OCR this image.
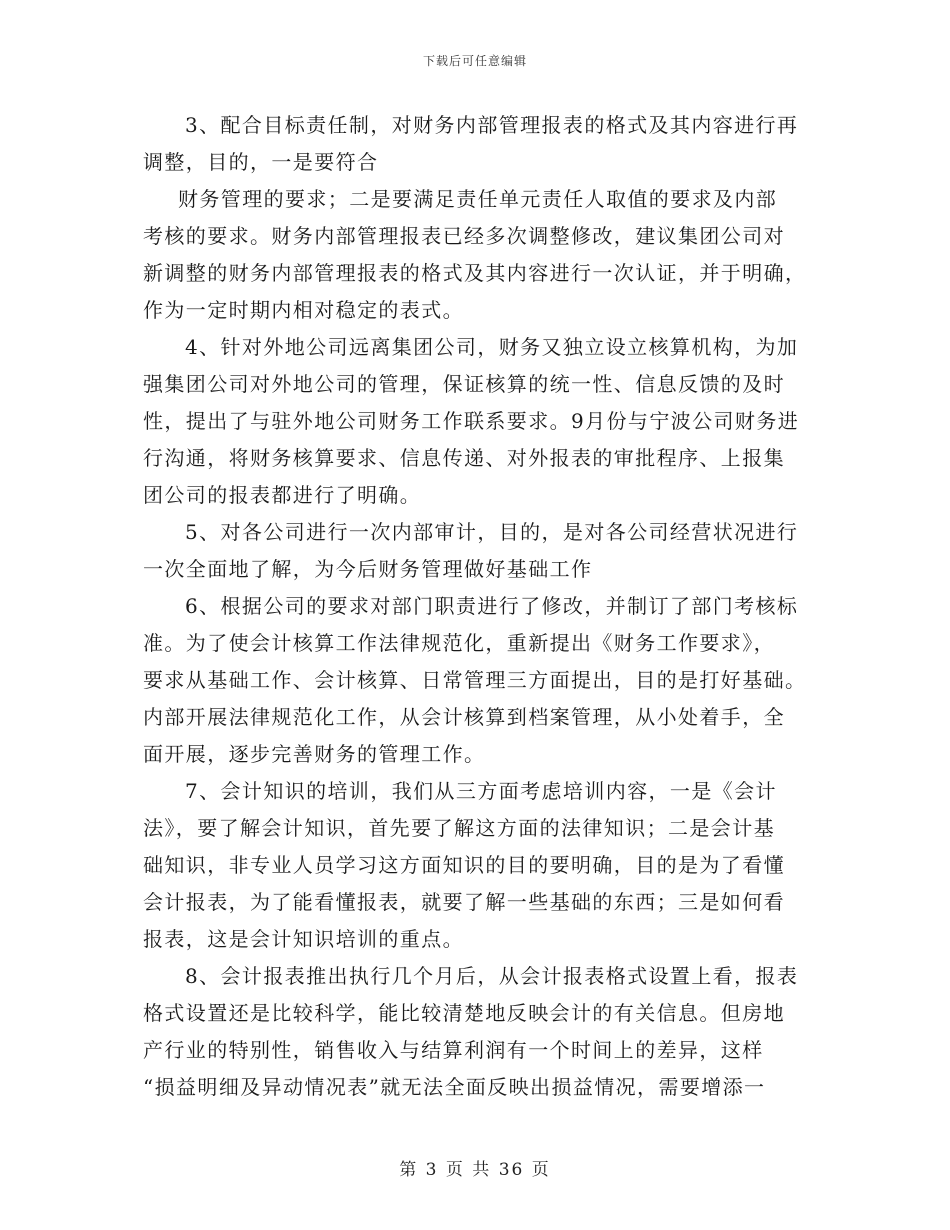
下载后可任意编辑
3、配合目标责任制，对财务内部管理报表的格式及其内容进行再
调整，目的，一是要符合
财务管理的要求；二是要满足责任单元责任人取值的要求及内部
考核的要求。财务内部管理报表已经多次调整修改，建议集团公司对
新调整的财务内部管理报表的格式及其内容进行一次认证，并于明确，
作为一定时期内相对稳定的表式。
4、针对外地公司远离集团公司，财务又独立设立核算机构，为加
强集团公司对外地公司的管理，保证核算的统一性、信息反馈的及时
性，提出了与驻外地公司财务工作联系要求。9月份与宁波公司财务进
行沟通，将财务核算要求、信息传递、对外报表的审批程序、上报集
团公司的报表都进行了明确。
5、对各公司进行一次内部审计，目的，是对各公司经营状况进行
一次全面地了解，为今后财务管理做好基础工作
6、根据公司的要求对部门职责进行了修改，并制订了部门考核标
准。为了使会计核算工作法律规范化，重新提出《财务工作要求》，
要求从基础工作、会计核算、日常管理三方面提出，目的是打好基础。
内部开展法律规范化工作，从会计核算到档案管理，从小处着手，全
面开展，逐步完善财务的管理工作。
7、会计知识的培训，我们从三方面考虑培训内容，一是《会计
法》，要了解会计知识，首先要了解这方面的法律知识；二是会计基
础知识，非专业人员学习这方面知识的目的要明确，目的是为了看懂
会计报表，为了能看懂报表，就要了解一些基础的东西；三是如何看
报表，这是会计知识培训的重点。
8、会计报表推出执行几个月后，从会计报表格式设置上看，报表
格式设置还是比较科学，能比较清楚地反映会计的有关信息。但房地
产行业的特别性，销售收入与结算利润有一个时间上的差异，这样
“损益明细及异动情况表”就无法全面反映出损益情况，需要增添一
第 3 页 共 36 页
